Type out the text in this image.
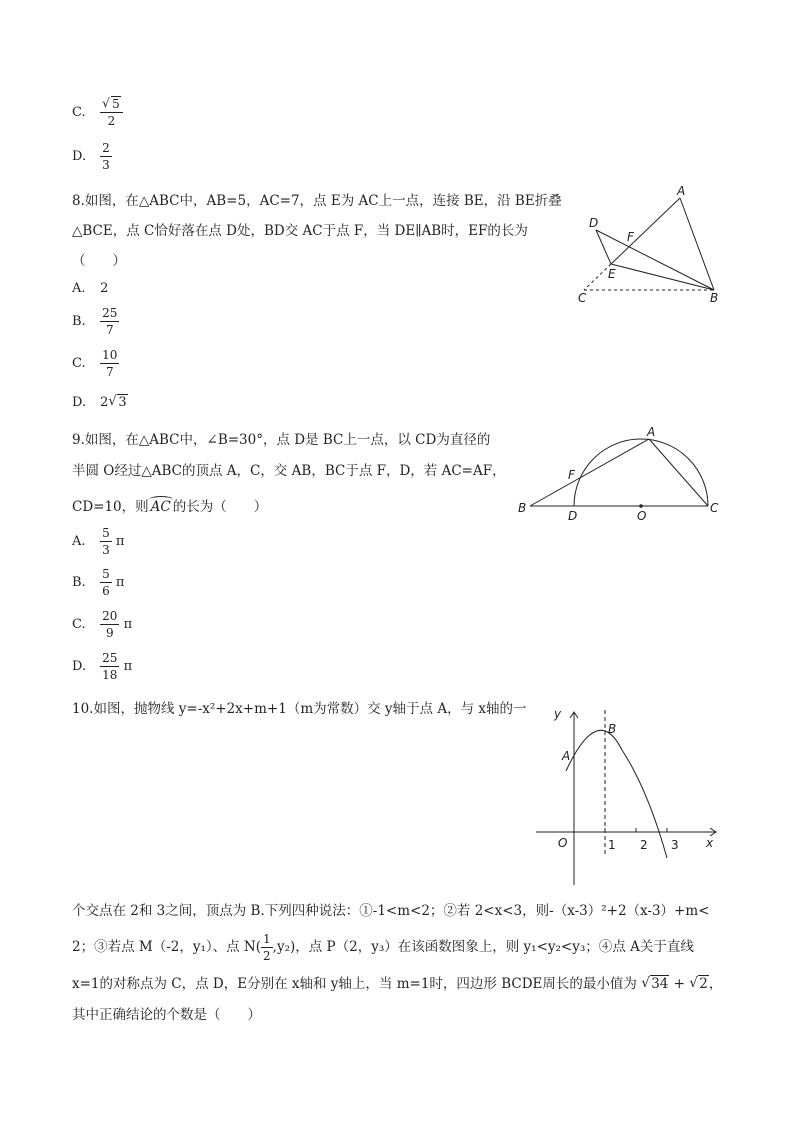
C. √ $\frac{5}{2}$
D. $\frac{2}{3}$
8.如图，在△ABC中，AB=5，AC=7，点 E为 AC上一点，连接 BE，沿 BE折叠
△BCE，点 C恰好落在点 D处，BD交 AC于点 F，当 DE∥AB时，EF的长为
（　　）
A. 2
B. $\frac{25}{7}$
C. $\frac{10}{7}$
D. 2 √ 3
A
B
C
D
E
F
9.如图，在△ABC中，∠B=30°，点 D是 BC上一点，以 CD为直径的
半圆 O经过△ABC的顶点 A，C，交 AB，BC于点 F，D，若 AC=AF，
CD=10，则 AC 的长为（　　）
A. $\frac{5}{3}$ π
B. $\frac{5}{6}$ π
C. $\frac{20}{9}$ π
D. $\frac{25}{18}$ π
A
B	C
D
F
O
10.如图，抛物线 y=-x²+2x+m+1（m为常数）交 y轴于点 A，与 x轴的一 y
x
A
B
O	1 2 3
个交点在 2和 3之间，顶点为 B.下列四种说法：①-1<m<2；②若 2<x<3，则-（x-3）²+2（x-3）+m<
2；③若点 M（-2，y₁）、点 $N( \frac{1}{2} ,y_2)$，点 P（2，y₃）在该函数图象上，则 y₁<y₂<y₃；④点 A关于直线
x=1的对称点为 C，点 D，E分别在 x轴和 y轴上，当 m=1时，四边形 BCDE周长的最小值为 √ 34 + √ 2，
其中正确结论的个数是（　　）
